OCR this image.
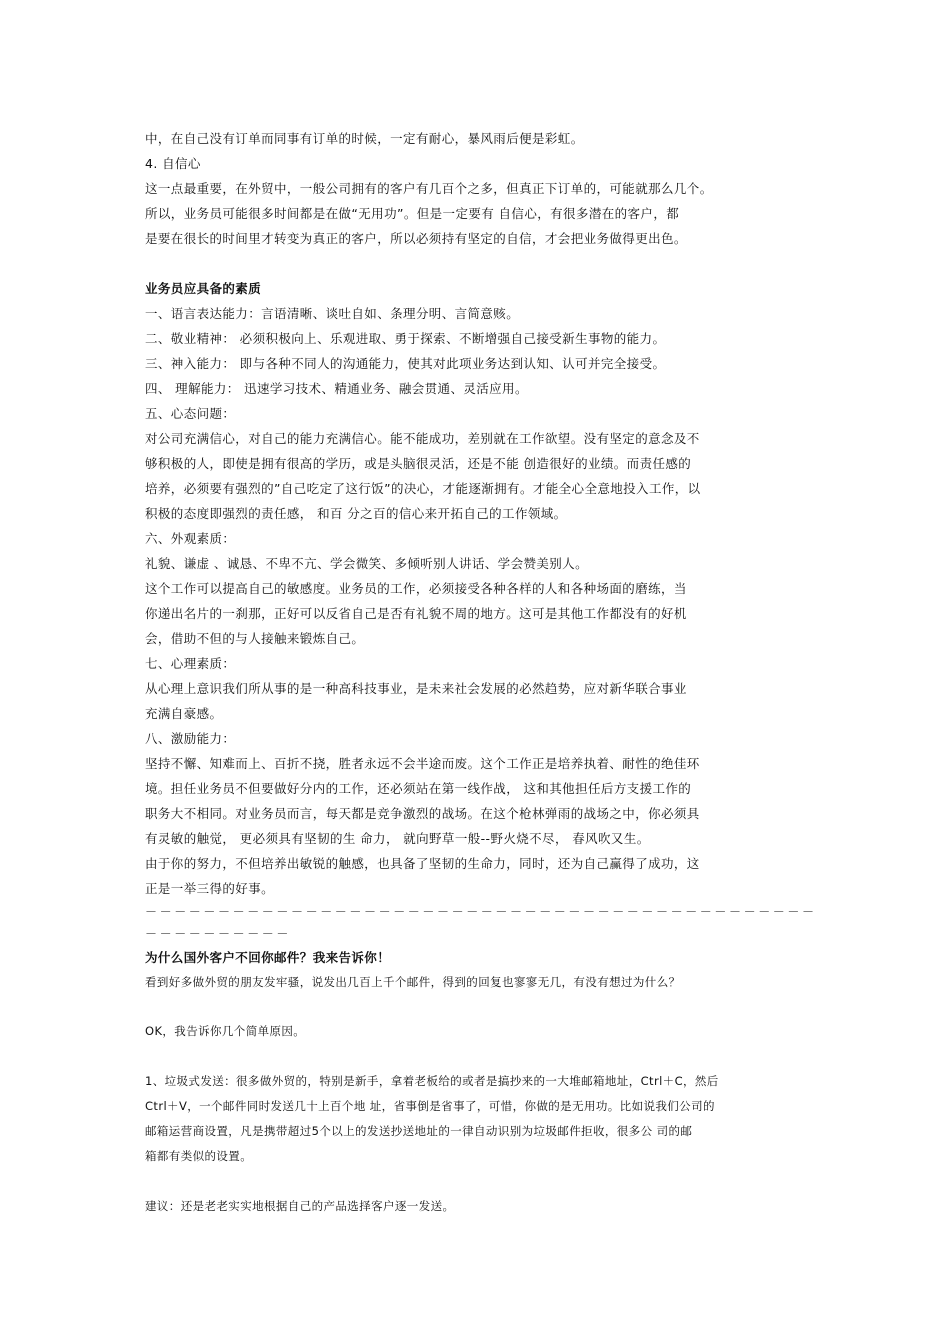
中，在自己没有订单而同事有订单的时候，一定有耐心，暴风雨后便是彩虹。
4. 自信心
这一点最重要，在外贸中，一般公司拥有的客户有几百个之多，但真正下订单的，可能就那么几个。
所以，业务员可能很多时间都是在做“无用功”。但是一定要有 自信心，有很多潜在的客户，都
是要在很长的时间里才转变为真正的客户，所以必须持有坚定的自信，才会把业务做得更出色。
业务员应具备的素质
一、语言表达能力：言语清晰、谈吐自如、条理分明、言简意赅。
二、敬业精神： 必须积极向上、乐观进取、勇于探索、不断增强自己接受新生事物的能力。
三、神入能力： 即与各种不同人的沟通能力，使其对此项业务达到认知、认可并完全接受。
四、 理解能力： 迅速学习技术、精通业务、融会贯通、灵活应用。
五、心态问题：
对公司充满信心，对自己的能力充满信心。能不能成功，差别就在工作欲望。没有坚定的意念及不
够积极的人，即使是拥有很高的学历，或是头脑很灵活，还是不能 创造很好的业绩。而责任感的
培养，必须要有强烈的”自己吃定了这行饭”的决心，才能逐渐拥有。才能全心全意地投入工作，以
积极的态度即强烈的责任感， 和百 分之百的信心来开拓自己的工作领域。
六、外观素质：
礼貌、谦虚 、诚恳、不卑不亢、学会微笑、多倾听别人讲话、学会赞美别人。
这个工作可以提高自己的敏感度。业务员的工作，必须接受各种各样的人和各种场面的磨练，当
你递出名片的一刹那，正好可以反省自己是否有礼貌不周的地方。这可是其他工作都没有的好机
会，借助不但的与人接触来锻炼自己。
七、心理素质：
从心理上意识我们所从事的是一种高科技事业，是未来社会发展的必然趋势，应对新华联合事业
充满自豪感。
八、激励能力：
坚持不懈、知难而上、百折不挠，胜者永远不会半途而废。这个工作正是培养执着、耐性的绝佳环
境。担任业务员不但要做好分内的工作，还必须站在第一线作战， 这和其他担任后方支援工作的
职务大不相同。对业务员而言，每天都是竞争激烈的战场。在这个枪林弹雨的战场之中，你必须具
有灵敏的触觉， 更必须具有坚韧的生 命力， 就向野草一般--野火烧不尽， 春风吹又生。
由于你的努力，不但培养出敏锐的触感，也具备了坚韧的生命力，同时，还为自己赢得了成功，这
正是一举三得的好事。
－－－－－－－－－－－－－－－－－－－－－－－－－－－－－－－－－－－－－－－－－－－－－－
－－－－－－－－－－
为什么国外客户不回你邮件？我来告诉你！
看到好多做外贸的朋友发牢骚，说发出几百上千个邮件，得到的回复也寥寥无几，有没有想过为什么？
OK，我告诉你几个简单原因。
1、垃圾式发送：很多做外贸的，特别是新手，拿着老板给的或者是搞抄来的一大堆邮箱地址，Ctrl＋C，然后
Ctrl＋V，一个邮件同时发送几十上百个地 址，省事倒是省事了，可惜，你做的是无用功。比如说我们公司的
邮箱运营商设置，凡是携带超过5个以上的发送抄送地址的一律自动识别为垃圾邮件拒收，很多公 司的邮
箱都有类似的设置。
建议：还是老老实实地根据自己的产品选择客户逐一发送。
